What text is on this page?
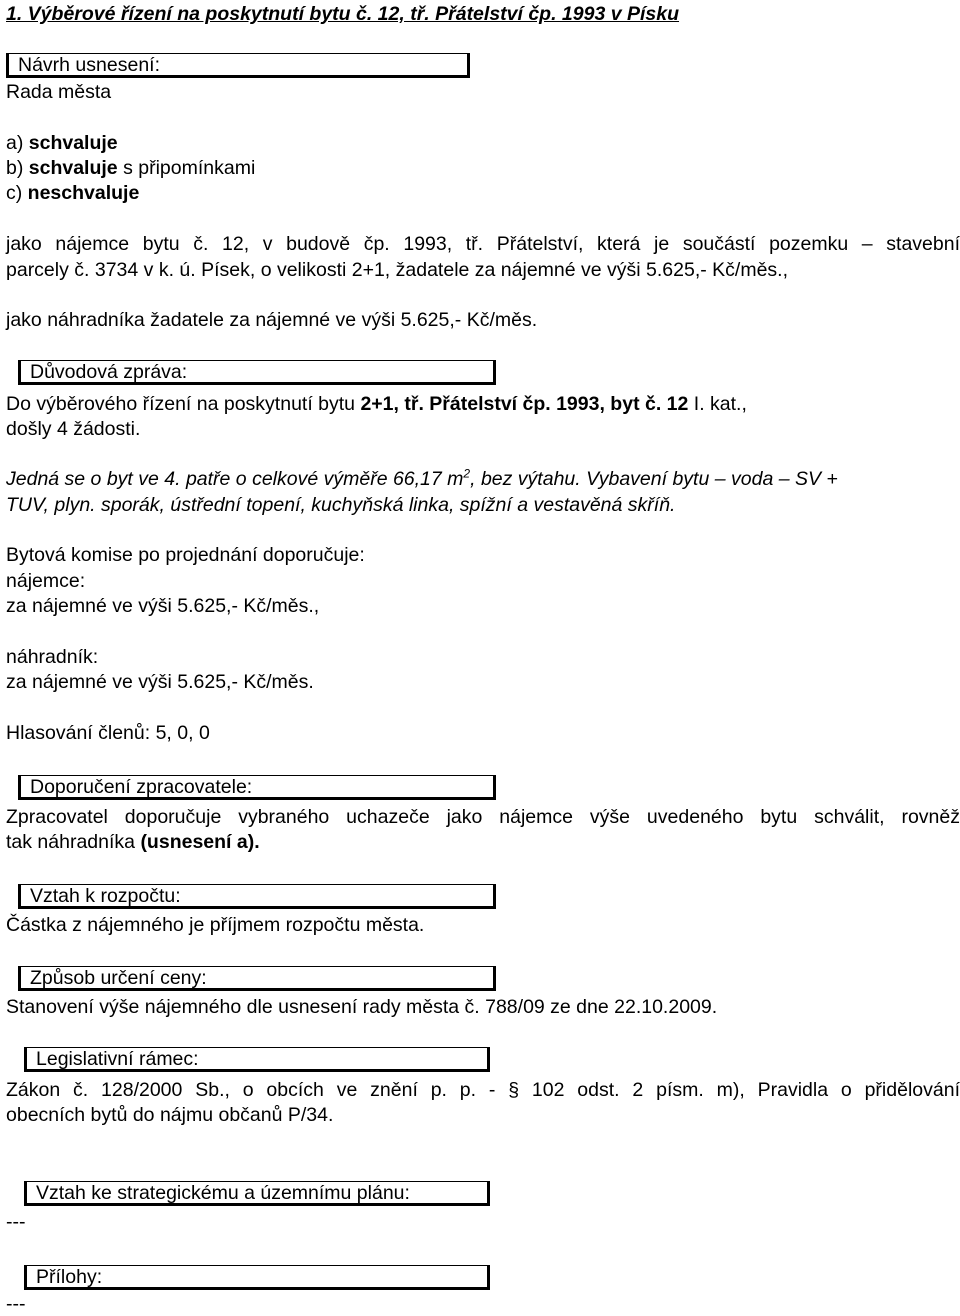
1. Výběrové řízení na poskytnutí bytu č. 12, tř. Přátelství čp. 1993 v Písku
Návrh usnesení:
Rada města
a) schvaluje
b) schvaluje s připomínkami
c) neschvaluje
jako nájemce bytu č. 12, v budově čp. 1993, tř. Přátelství, která je součástí pozemku – stavební
parcely č. 3734 v k. ú. Písek, o velikosti 2+1, žadatele za nájemné ve výši 5.625,- Kč/měs.,
jako náhradníka žadatele za nájemné ve výši 5.625,- Kč/měs.
Důvodová zpráva:
Do výběrového řízení na poskytnutí bytu 2+1, tř. Přátelství čp. 1993, byt č. 12 I. kat.,
došly 4 žádosti.
Jedná se o byt ve 4. patře o celkové výměře 66,17 $m^2$, bez výtahu. Vybavení bytu – voda – SV +
TUV, plyn. sporák, ústřední topení, kuchyňská linka, spížní a vestavěná skříň.
Bytová komise po projednání doporučuje:
nájemce:
za nájemné ve výši 5.625,- Kč/měs.,
náhradník:
za nájemné ve výši 5.625,- Kč/měs.
Hlasování členů: 5, 0, 0
Doporučení zpracovatele:
Zpracovatel doporučuje vybraného uchazeče jako nájemce výše uvedeného bytu schválit, rovněž
tak náhradníka (usnesení a).
Vztah k rozpočtu:
Částka z nájemného je příjmem rozpočtu města.
Způsob určení ceny:
Stanovení výše nájemného dle usnesení rady města č. 788/09 ze dne 22.10.2009.
Legislativní rámec:
Zákon č. 128/2000 Sb., o obcích ve znění p. p. - § 102 odst. 2 písm. m), Pravidla o přidělování
obecních bytů do nájmu občanů P/34.
Vztah ke strategickému a územnímu plánu:
---
Přílohy:
---
